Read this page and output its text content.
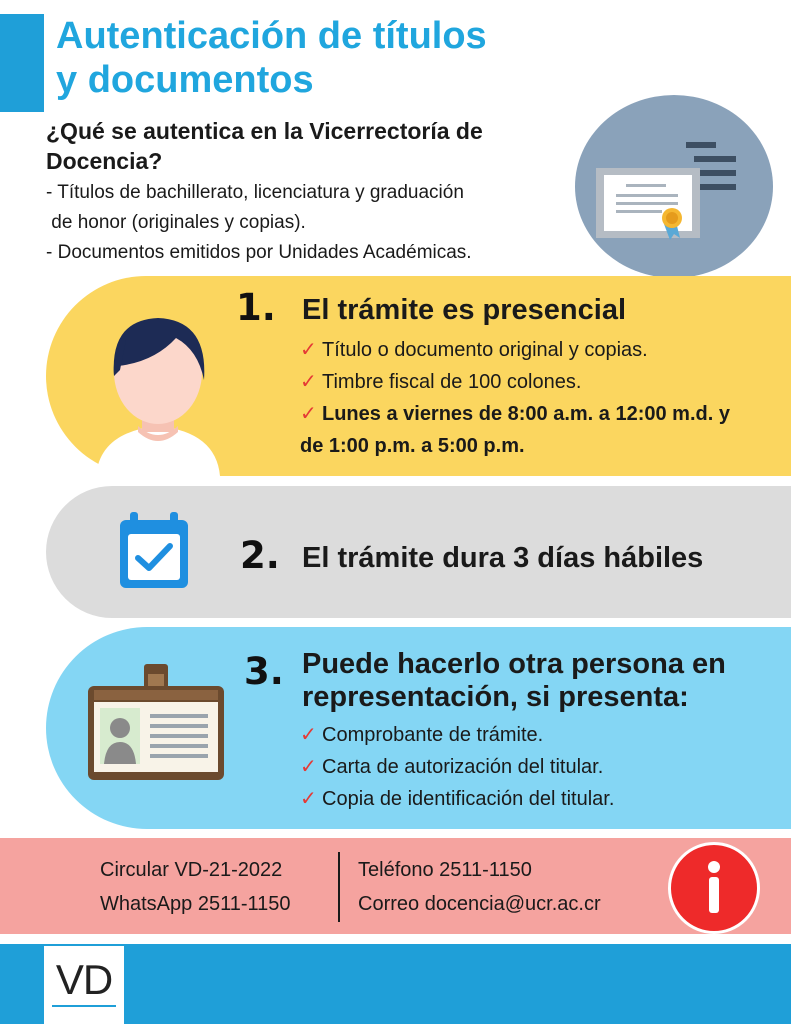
Autenticación de títulos
y documentos
¿Qué se autentica en la Vicerrectoría de
Docencia?
- Títulos de bachillerato, licenciatura y graduación
de honor (originales y copias).
- Documentos emitidos por Unidades Académicas.
1. El trámite es presencial
✓ Título o documento original y copias.
✓ Timbre fiscal de 100 colones.
✓ Lunes a viernes de 8:00 a.m. a 12:00 m.d. y de 1:00 p.m. a 5:00 p.m.
2. El trámite dura 3 días hábiles
3. Puede hacerlo otra persona en
representación, si presenta:
✓ Comprobante de trámite.
✓ Carta de autorización del titular.
✓ Copia de identificación del titular.
Circular VD-21-2022
WhatsApp 2511-1150
Teléfono 2511-1150
Correo docencia@ucr.ac.cr
VD
